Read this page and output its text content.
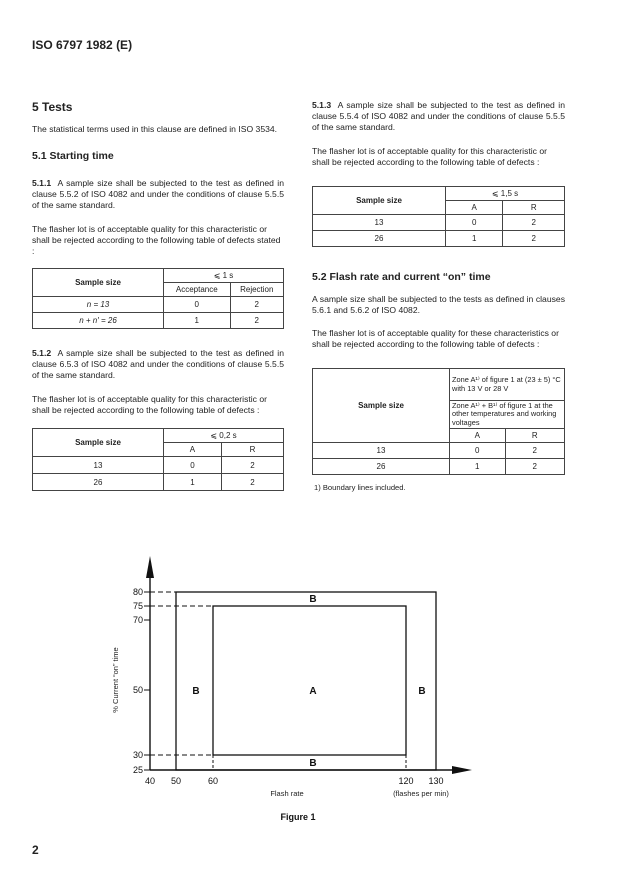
ISO 6797 1982 (E)
5 Tests
The statistical terms used in this clause are defined in ISO 3534.
5.1 Starting time
5.1.1 A sample size shall be subjected to the test as defined in clause 5.5.2 of ISO 4082 and under the conditions of clause 5.5.5 of the same standard.
The flasher lot is of acceptable quality for this characteristic or shall be rejected according to the following table of defects stated :
Sample size	⩽ 1 s	
	Acceptance	Rejection
n = 13	0	2
n + n′ = 26	1	2
5.1.2 A sample size shall be subjected to the test as defined in clause 6.5.3 of ISO 4082 and under the conditions of clause 5.5.5 of the same standard.
The flasher lot is of acceptable quality for this characteristic or shall be rejected according to the following table of defects :
Sample size	⩽ 0,2 s	
	A	R
13	0	2
26	1	2
5.1.3 A sample size shall be subjected to the test as defined in clause 5.5.4 of ISO 4082 and under the conditions of clause 5.5.5 of the same standard.
The flasher lot is of acceptable quality for this characteristic or shall be rejected according to the following table of defects :
Sample size	⩽ 1,5 s	
	A	R
13	0	2
26	1	2
5.2 Flash rate and current “on” time
A sample size shall be subjected to the tests as defined in clauses 5.6.1 and 5.6.2 of ISO 4082.
The flasher lot is of acceptable quality for these characteristics or shall be rejected according to the following table of defects :
Sample size	Zone A¹⁾ of figure 1 at (23 ± 5) °C with 13 V or 28 V	
	Zone A¹⁾ + B¹⁾ of figure 1 at the other temperatures and working voltages	
	A	R
13	0	2
26	1	2
1) Boundary lines included.
80
75
70
50
30
25
40 50	60	120 130
B
B	A	B
B
% Current “on” time
Flash rate	(flashes per min)
Figure 1
2
